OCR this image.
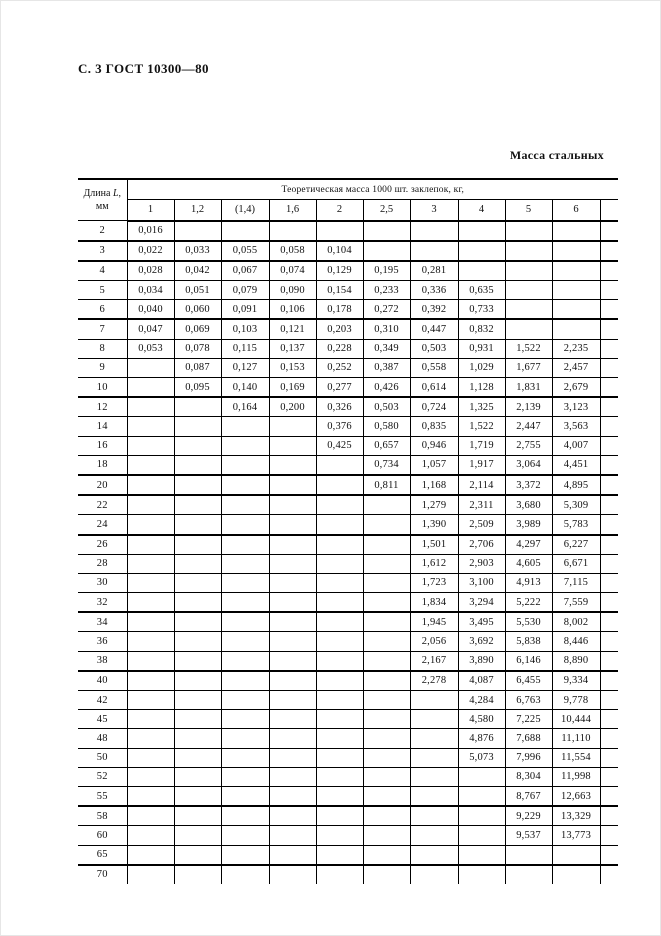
С. 3 ГОСТ 10300—80
Масса стальных
Длина L,
мм	Теоретическая масса 1000 шт. заклепок, кг,										
	1	1,2	(1,4)	1,6	2	2,5	3	4	5	6	
2	0,016										
3	0,022	0,033	0,055	0,058	0,104						
4	0,028	0,042	0,067	0,074	0,129	0,195	0,281				
5	0,034	0,051	0,079	0,090	0,154	0,233	0,336	0,635			
6	0,040	0,060	0,091	0,106	0,178	0,272	0,392	0,733			
7	0,047	0,069	0,103	0,121	0,203	0,310	0,447	0,832			
8	0,053	0,078	0,115	0,137	0,228	0,349	0,503	0,931	1,522	2,235	
9		0,087	0,127	0,153	0,252	0,387	0,558	1,029	1,677	2,457	
10		0,095	0,140	0,169	0,277	0,426	0,614	1,128	1,831	2,679	
12			0,164	0,200	0,326	0,503	0,724	1,325	2,139	3,123	
14					0,376	0,580	0,835	1,522	2,447	3,563	
16					0,425	0,657	0,946	1,719	2,755	4,007	
18						0,734	1,057	1,917	3,064	4,451	
20						0,811	1,168	2,114	3,372	4,895	
22							1,279	2,311	3,680	5,309	
24							1,390	2,509	3,989	5,783	
26							1,501	2,706	4,297	6,227	
28							1,612	2,903	4,605	6,671	
30							1,723	3,100	4,913	7,115	
32							1,834	3,294	5,222	7,559	
34							1,945	3,495	5,530	8,002	
36							2,056	3,692	5,838	8,446	
38							2,167	3,890	6,146	8,890	
40							2,278	4,087	6,455	9,334	
42								4,284	6,763	9,778	
45								4,580	7,225	10,444	
48								4,876	7,688	11,110	
50								5,073	7,996	11,554	
52									8,304	11,998	
55									8,767	12,663	
58									9,229	13,329	
60									9,537	13,773	
65											
70											
